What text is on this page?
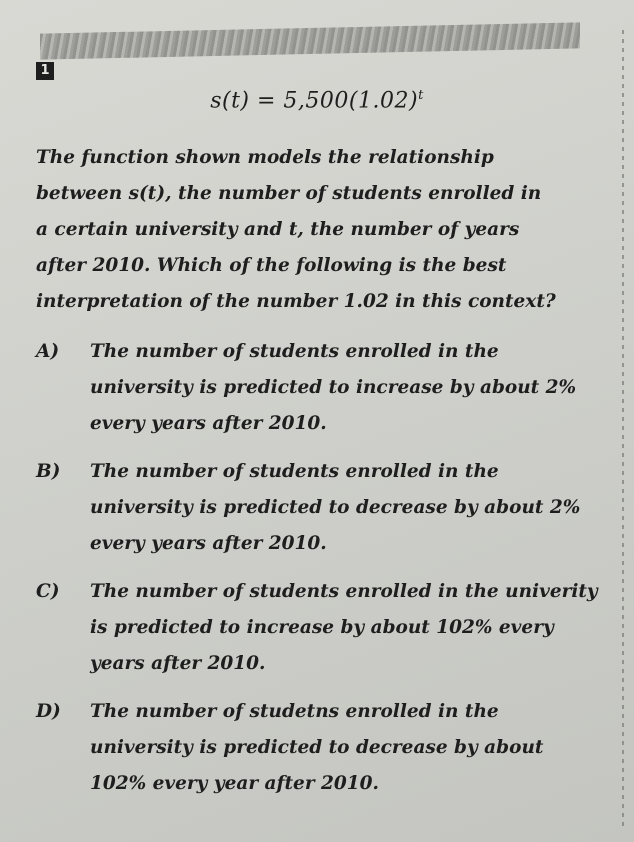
1
$s(t) = 5,500(1.02)^t$
The function shown models the relationship between s(t), the number of students enrolled in a certain university and t, the number of years after 2010. Which of the following is the best interpretation of the number 1.02 in this context?
A)	The number of students enrolled in the university is predicted to increase by about 2% every years after 2010.
B)	The number of students enrolled in the university is predicted to decrease by about 2% every years after 2010.
C)	The number of students enrolled in the univerity is predicted to increase by about 102% every years after 2010.
D)	The number of studetns enrolled in the university is predicted to decrease by about 102% every year after 2010.
